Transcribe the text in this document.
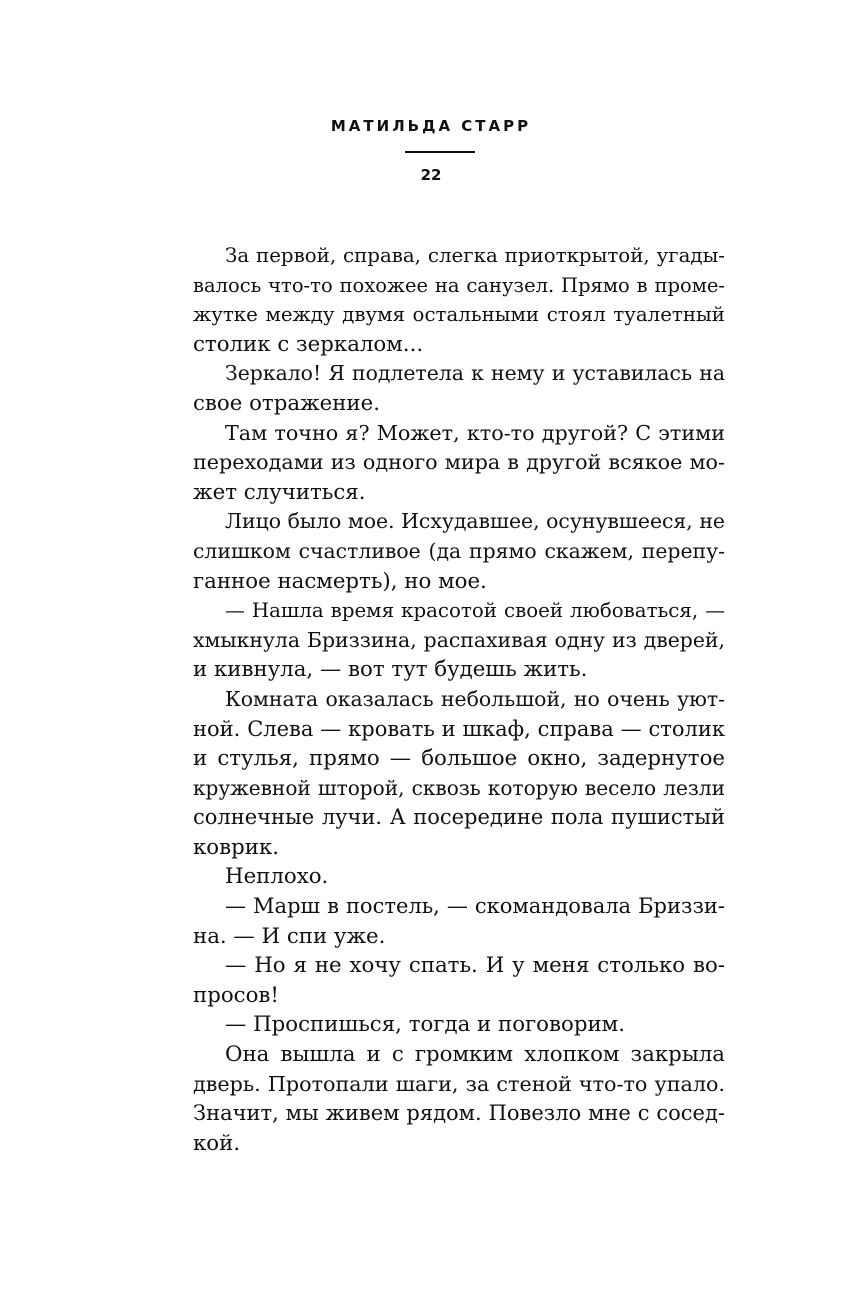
МАТИЛЬДА СТАРР
22
За первой, справа, слегка приоткрытой, угады-
валось что-то похожее на санузел. Прямо в проме-
жутке между двумя остальными стоял туалетный
столик с зеркалом...
Зеркало! Я подлетела к нему и уставилась на
свое отражение.
Там точно я? Может, кто-то другой? С этими
переходами из одного мира в другой всякое мо-
жет случиться.
Лицо было мое. Исхудавшее, осунувшееся, не
слишком счастливое (да прямо скажем, перепу-
ганное насмерть), но мое.
— Нашла время красотой своей любоваться, —
хмыкнула Бриззина, распахивая одну из дверей,
и кивнула, — вот тут будешь жить.
Комната оказалась небольшой, но очень уют-
ной. Слева — кровать и шкаф, справа — столик
и стулья, прямо — большое окно, задернутое
кружевной шторой, сквозь которую весело лезли
солнечные лучи. А посередине пола пушистый
коврик.
Неплохо.
— Марш в постель, — скомандовала Бриззи-
на. — И спи уже.
— Но я не хочу спать. И у меня столько во-
просов!
— Проспишься, тогда и поговорим.
Она вышла и с громким хлопком закрыла
дверь. Протопали шаги, за стеной что-то упало.
Значит, мы живем рядом. Повезло мне с сосед-
кой.
